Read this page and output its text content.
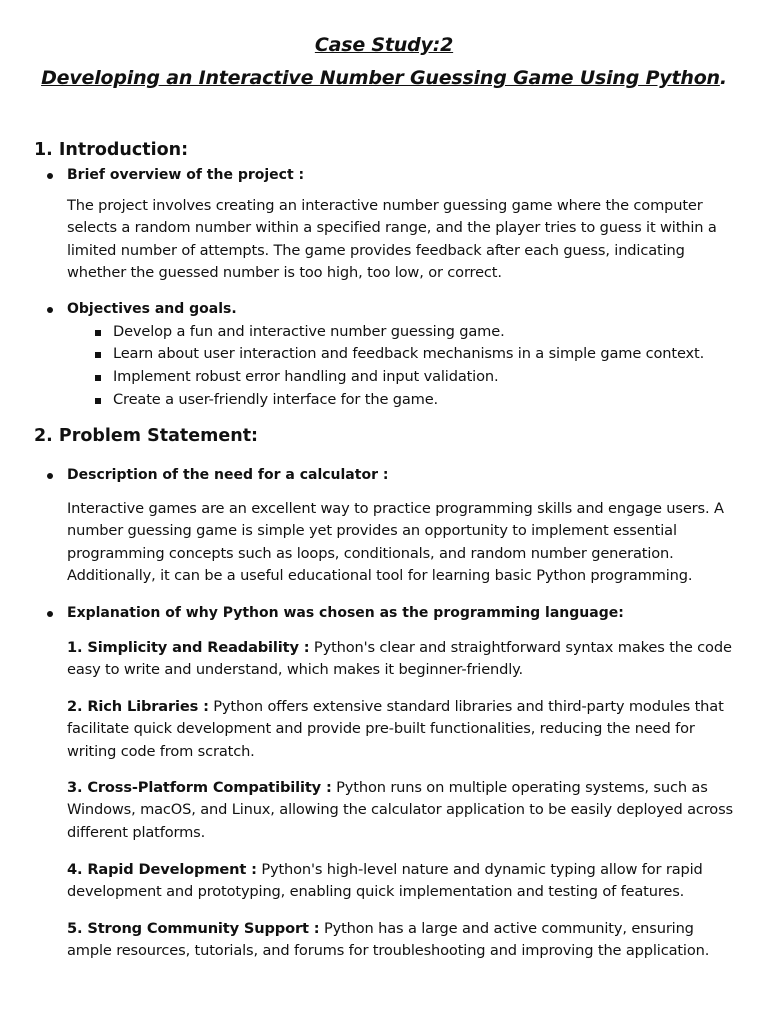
Case Study:2
Developing an Interactive Number Guessing Game Using Python.
1. Introduction:
Brief overview of the project :
The project involves creating an interactive number guessing game where the computer selects a random number within a specified range, and the player tries to guess it within a limited number of attempts. The game provides feedback after each guess, indicating whether the guessed number is too high, too low, or correct.
Objectives and goals.
Develop a fun and interactive number guessing game.
Learn about user interaction and feedback mechanisms in a simple game context.
Implement robust error handling and input validation.
Create a user-friendly interface for the game.
2. Problem Statement:
Description of the need for a calculator :
Interactive games are an excellent way to practice programming skills and engage users. A number guessing game is simple yet provides an opportunity to implement essential programming concepts such as loops, conditionals, and random number generation. Additionally, it can be a useful educational tool for learning basic Python programming.
Explanation of why Python was chosen as the programming language:
1. Simplicity and Readability : Python's clear and straightforward syntax makes the code easy to write and understand, which makes it beginner-friendly.
2. Rich Libraries : Python offers extensive standard libraries and third-party modules that facilitate quick development and provide pre-built functionalities, reducing the need for writing code from scratch.
3. Cross-Platform Compatibility : Python runs on multiple operating systems, such as Windows, macOS, and Linux, allowing the calculator application to be easily deployed across different platforms.
4. Rapid Development : Python's high-level nature and dynamic typing allow for rapid development and prototyping, enabling quick implementation and testing of features.
5. Strong Community Support : Python has a large and active community, ensuring ample resources, tutorials, and forums for troubleshooting and improving the application.
